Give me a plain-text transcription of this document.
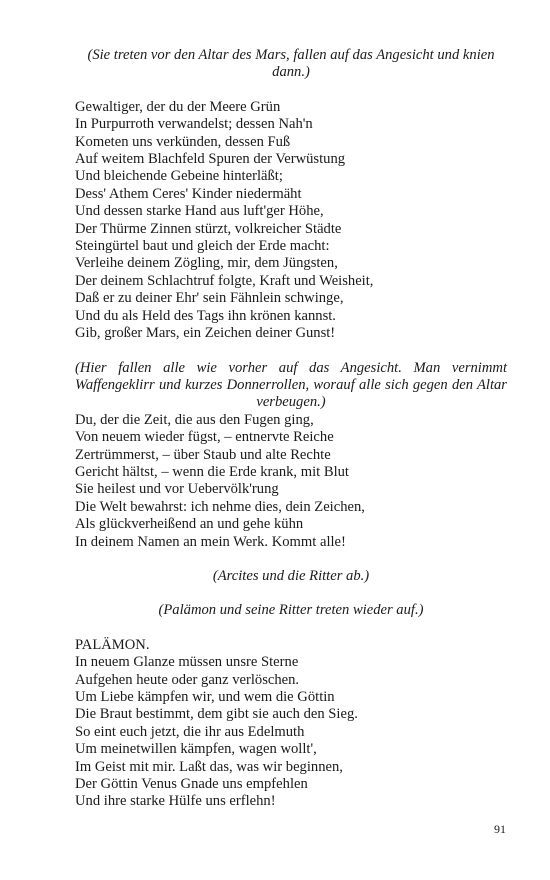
(Sie treten vor den Altar des Mars, fallen auf das Angesicht und knien dann.)
Gewaltiger, der du der Meere Grün
In Purpurroth verwandelst; dessen Nah'n
Kometen uns verkünden, dessen Fuß
Auf weitem Blachfeld Spuren der Verwüstung
Und bleichende Gebeine hinterläßt;
Dess' Athem Ceres' Kinder niedermäht
Und dessen starke Hand aus luft'ger Höhe,
Der Thürme Zinnen stürzt, volkreicher Städte
Steingürtel baut und gleich der Erde macht:
Verleihe deinem Zögling, mir, dem Jüngsten,
Der deinem Schlachtruf folgte, Kraft und Weisheit,
Daß er zu deiner Ehr' sein Fähnlein schwinge,
Und du als Held des Tags ihn krönen kannst.
Gib, großer Mars, ein Zeichen deiner Gunst!
(Hier fallen alle wie vorher auf das Angesicht. Man vernimmt Waffengeklirr und kurzes Donnerrollen, worauf alle sich gegen den Altar verbeugen.)
Du, der die Zeit, die aus den Fugen ging,
Von neuem wieder fügst, – entnervte Reiche
Zertrümmerst, – über Staub und alte Rechte
Gericht hältst, – wenn die Erde krank, mit Blut
Sie heilest und vor Uebervölk'rung
Die Welt bewahrst: ich nehme dies, dein Zeichen,
Als glückverheißend an und gehe kühn
In deinem Namen an mein Werk. Kommt alle!
(Arcites und die Ritter ab.)
(Palämon und seine Ritter treten wieder auf.)
PALÄMON.
In neuem Glanze müssen unsre Sterne
Aufgehen heute oder ganz verlöschen.
Um Liebe kämpfen wir, und wem die Göttin
Die Braut bestimmt, dem gibt sie auch den Sieg.
So eint euch jetzt, die ihr aus Edelmuth
Um meinetwillen kämpfen, wagen wollt',
Im Geist mit mir. Laßt das, was wir beginnen,
Der Göttin Venus Gnade uns empfehlen
Und ihre starke Hülfe uns erflehn!
91
